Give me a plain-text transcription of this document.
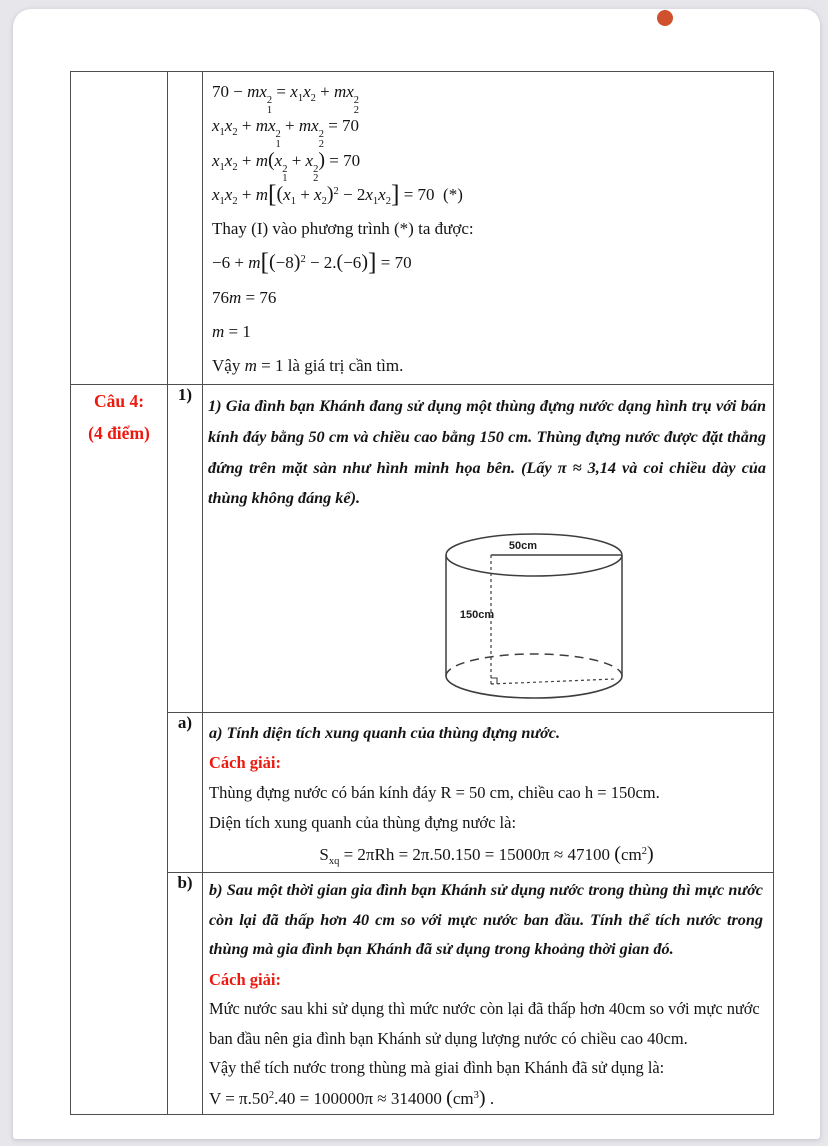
70 − mx 2
1
= $x_1x_2$ + mx 2
2
$x_1x_2$ + mx 2
1
+ mx 2
2
= 70
$x_1x_2 + m(x$ 2
1
+ x 2
2
) = 70
$x_1x_2 + m[(x_1 + x_2)^2 - 2x_1x_2] = 70$  (*)
Thay (I) vào phương trình (*) ta được:
$-6 + m[(-8)^2 - 2.(-6)] = 70$
76m = 76
m = 1
Vậy m = 1 là giá trị cần tìm.

Câu 4:
(4 điểm)
	1)	
1) Gia đình bạn Khánh đang sử dụng một thùng đựng nước dạng hình trụ với bán kính đáy bằng 50 cm và chiều cao bằng 150 cm. Thùng đựng nước được đặt thẳng đứng trên mặt sàn như hình minh họa bên. (Lấy π ≈ 3,14 và coi chiều dày của thùng không đáng kể).
50cm
150cm

	a)	a) Tính diện tích xung quanh của thùng đựng nước.
Cách giải:
Thùng đựng nước có bán kính đáy R = 50 cm, chiều cao h = 150cm.
Diện tích xung quanh của thùng đựng nước là:
$S_{xq} = 2\pi Rh = 2\pi.50.150 = 15000\pi \approx 47100$ $(cm^2)$

	b)	b) Sau một thời gian gia đình bạn Khánh sử dụng nước trong thùng thì mực nước còn lại đã thấp hơn 40 cm so với mực nước ban đầu. Tính thể tích nước trong thùng mà gia đình bạn Khánh đã sử dụng trong khoảng thời gian đó.
Cách giải:
Mức nước sau khi sử dụng thì mức nước còn lại đã thấp hơn 40cm so với mực nước ban đầu nên gia đình bạn Khánh sử dụng lượng nước có chiều cao 40cm.
Vậy thể tích nước trong thùng mà giai đình bạn Khánh đã sử dụng là:
$V = \pi.50^2.40 = 100000\pi \approx 314000$ $(cm^3)$ .
